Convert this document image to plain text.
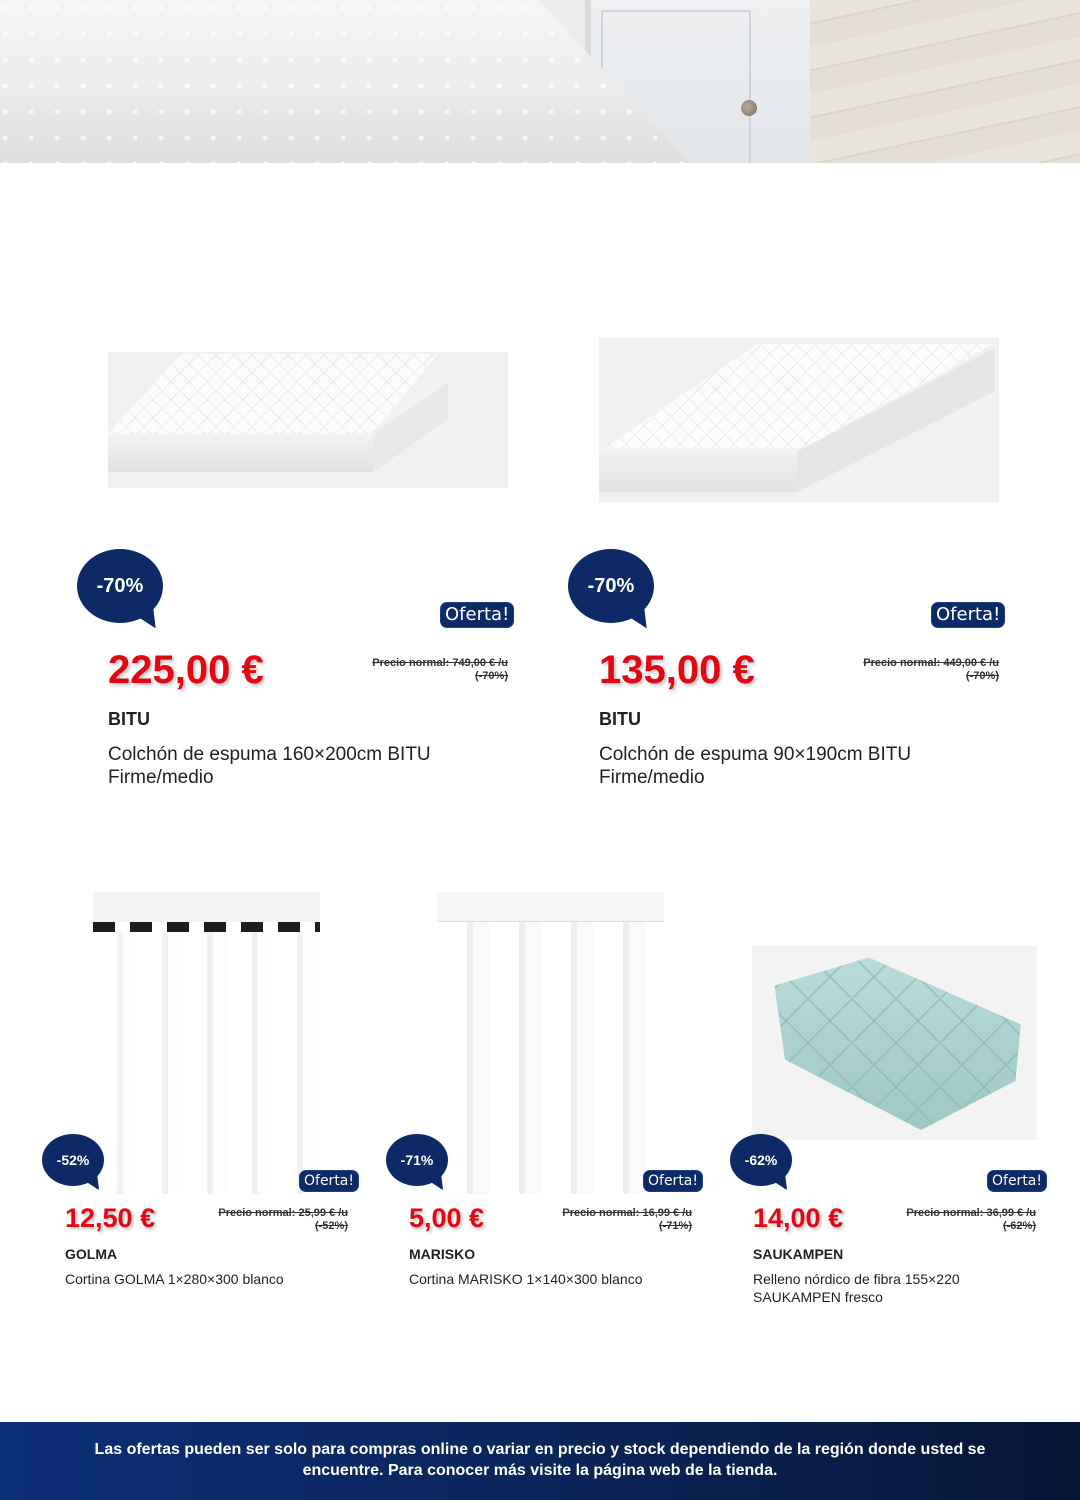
-70%
Oferta!
225,00 €	Precio normal: 749,00 € /u (-70%)
BITU
Colchón de espuma 160×200cm BITU Firme/medio
-70%
Oferta!
135,00 €	Precio normal: 449,00 € /u (-70%)
BITU
Colchón de espuma 90×190cm BITU Firme/medio
-52%
Oferta!
12,50 €	Precio normal: 25,99 € /u (-52%)
GOLMA
Cortina GOLMA 1×280×300 blanco
-71%
Oferta!
5,00 €	Precio normal: 16,99 € /u (-71%)
MARISKO
Cortina MARISKO 1×140×300 blanco
-62%
Oferta!
14,00 €	Precio normal: 36,99 € /u (-62%)
SAUKAMPEN
Relleno nórdico de fibra 155×220 SAUKAMPEN fresco

Las ofertas pueden ser solo para compras online o variar en precio y stock dependiendo de la región donde usted se encuentre. Para conocer más visite la página web de la tienda.
